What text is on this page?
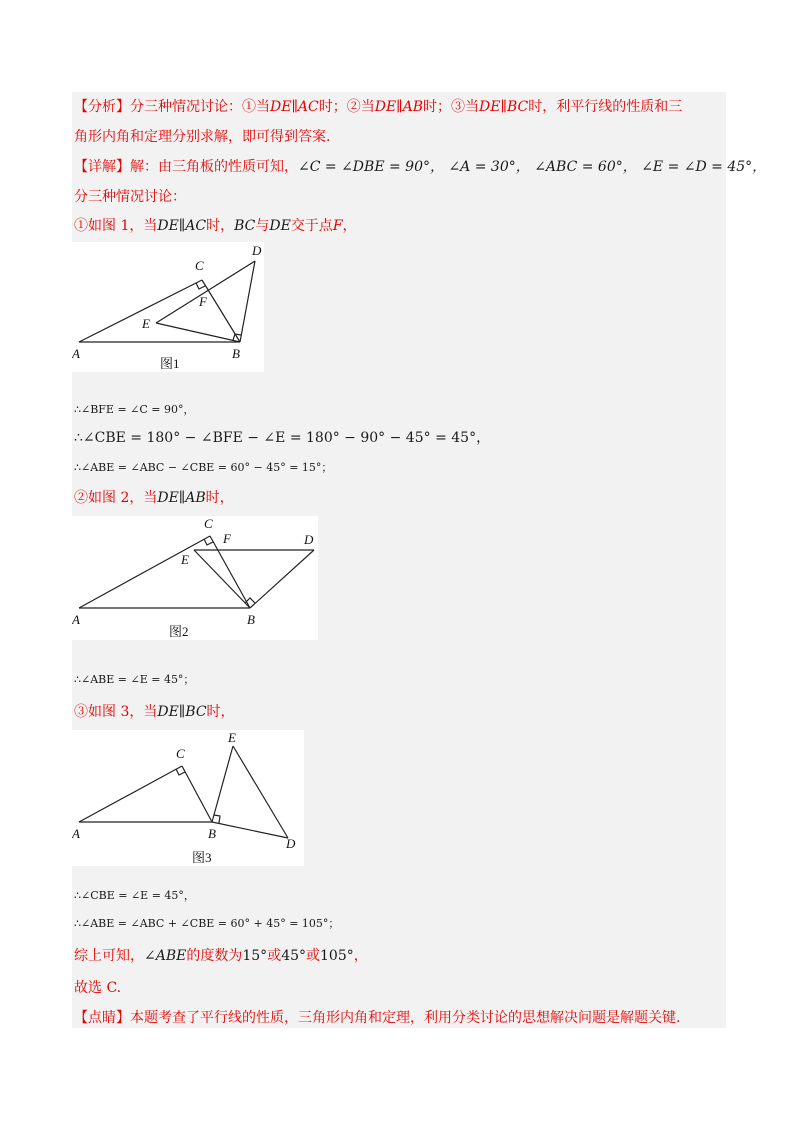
【分析】分三种情况讨论：①当DE∥AC时；②当DE∥AB时；③当DE∥BC时，利平行线的性质和三
角形内角和定理分别求解，即可得到答案.
【详解】解：由三角板的性质可知，∠C = ∠DBE = 90°， ∠A = 30°， ∠ABC = 60°， ∠E = ∠D = 45°，
分三种情况讨论：
①如图 1，当DE∥AC时，BC与DE交于点F，
A	B
C
D
E
F
图1
∴∠BFE = ∠C = 90°，
∴∠CBE = 180° − ∠BFE − ∠E = 180° − 90° − 45° = 45°，
∴∠ABE = ∠ABC − ∠CBE = 60° − 45° = 15°；
②如图 2，当DE∥AB时，
A	B
C
D
E
F
图2
∴∠ABE = ∠E = 45°；
③如图 3，当DE∥BC时，
A	B
C
D
E
图3
∴∠CBE = ∠E = 45°，
∴∠ABE = ∠ABC + ∠CBE = 60° + 45° = 105°；
综上可知，∠ABE的度数为15°或45°或105°，
故选 C.
【点睛】本题考查了平行线的性质，三角形内角和定理，利用分类讨论的思想解决问题是解题关键.
